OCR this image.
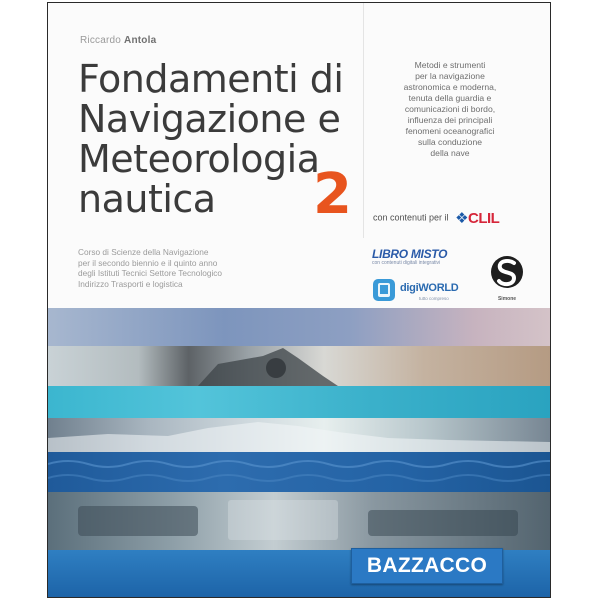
Riccardo Antola
Fondamenti di
Navigazione e
Meteorologia
nautica	2
Corso di Scienze della Navigazione
per il secondo biennio e il quinto anno
degli Istituti Tecnici Settore Tecnologico
Indirizzo Trasporti e logistica
Metodi e strumenti
per la navigazione
astronomica e moderna,
tenuta della guardia e
comunicazioni di bordo,
influenza dei principali
fenomeni oceanografici
sulla conduzione
della nave
con contenuti per il ❖CLIL
LIBRO MISTO
con contenuti digitali integrativi
digiWORLD
tutto compreso	Simone
BAZZACCO
